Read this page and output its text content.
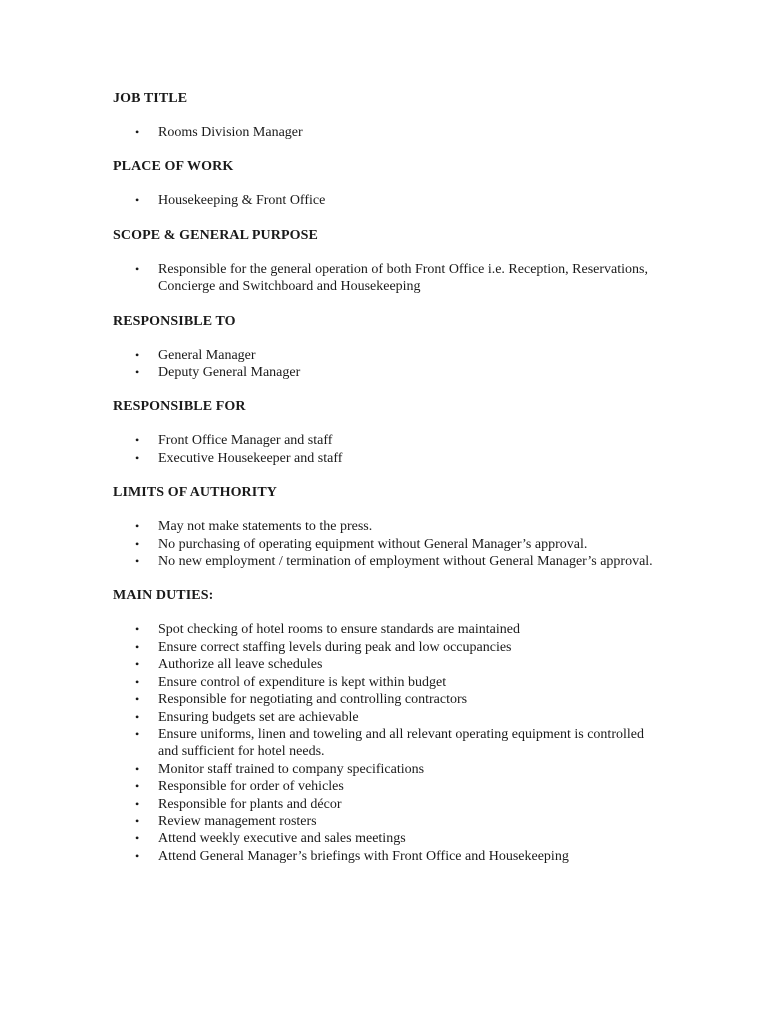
JOB TITLE
• Rooms Division Manager
PLACE OF WORK
• Housekeeping & Front Office
SCOPE & GENERAL PURPOSE
• Responsible for the general operation of both Front Office i.e. Reception, Reservations, Concierge and Switchboard and Housekeeping
RESPONSIBLE TO
• General Manager
• Deputy General Manager
RESPONSIBLE FOR
• Front Office Manager and staff
• Executive Housekeeper and staff
LIMITS OF AUTHORITY
• May not make statements to the press.
• No purchasing of operating equipment without General Manager’s approval.
• No new employment / termination of employment without General Manager’s approval.
MAIN DUTIES:
• Spot checking of hotel rooms to ensure standards are maintained
• Ensure correct staffing levels during peak and low occupancies
• Authorize all leave schedules
• Ensure control of expenditure is kept within budget
• Responsible for negotiating and controlling contractors
• Ensuring budgets set are achievable
• Ensure uniforms, linen and toweling and all relevant operating equipment is controlled and sufficient for hotel needs.
• Monitor staff trained to company specifications
• Responsible for order of vehicles
• Responsible for plants and décor
• Review management rosters
• Attend weekly executive and sales meetings
• Attend General Manager’s briefings with Front Office and Housekeeping
